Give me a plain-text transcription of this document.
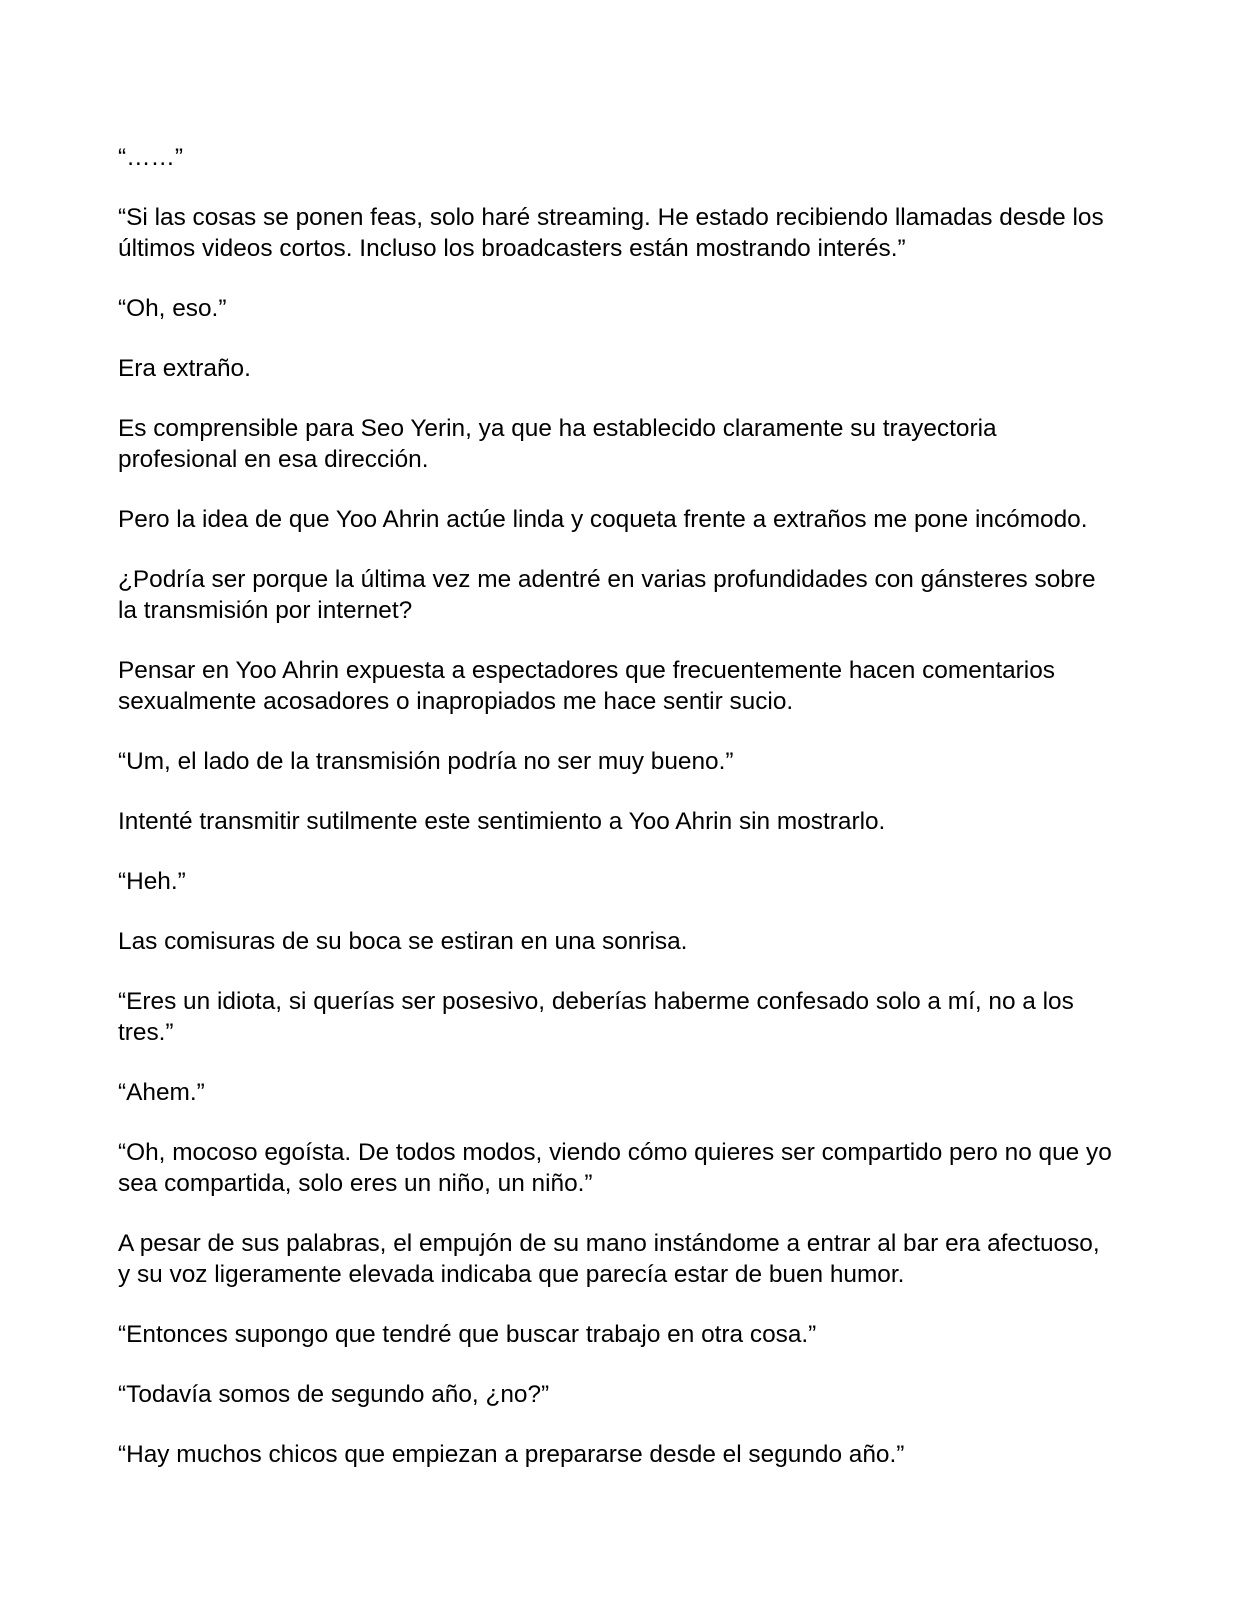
“……”

“Si las cosas se ponen feas, solo haré streaming. He estado recibiendo llamadas desde los últimos videos cortos. Incluso los broadcasters están mostrando interés.”

“Oh, eso.”

Era extraño.

Es comprensible para Seo Yerin, ya que ha establecido claramente su trayectoria profesional en esa dirección.

Pero la idea de que Yoo Ahrin actúe linda y coqueta frente a extraños me pone incómodo.

¿Podría ser porque la última vez me adentré en varias profundidades con gánsteres sobre la transmisión por internet?

Pensar en Yoo Ahrin expuesta a espectadores que frecuentemente hacen comentarios sexualmente acosadores o inapropiados me hace sentir sucio.

“Um, el lado de la transmisión podría no ser muy bueno.”

Intenté transmitir sutilmente este sentimiento a Yoo Ahrin sin mostrarlo.

“Heh.”

Las comisuras de su boca se estiran en una sonrisa.

“Eres un idiota, si querías ser posesivo, deberías haberme confesado solo a mí, no a los tres.”

“Ahem.”

“Oh, mocoso egoísta. De todos modos, viendo cómo quieres ser compartido pero no que yo sea compartida, solo eres un niño, un niño.”

A pesar de sus palabras, el empujón de su mano instándome a entrar al bar era afectuoso, y su voz ligeramente elevada indicaba que parecía estar de buen humor.

“Entonces supongo que tendré que buscar trabajo en otra cosa.”

“Todavía somos de segundo año, ¿no?”

“Hay muchos chicos que empiezan a prepararse desde el segundo año.”
